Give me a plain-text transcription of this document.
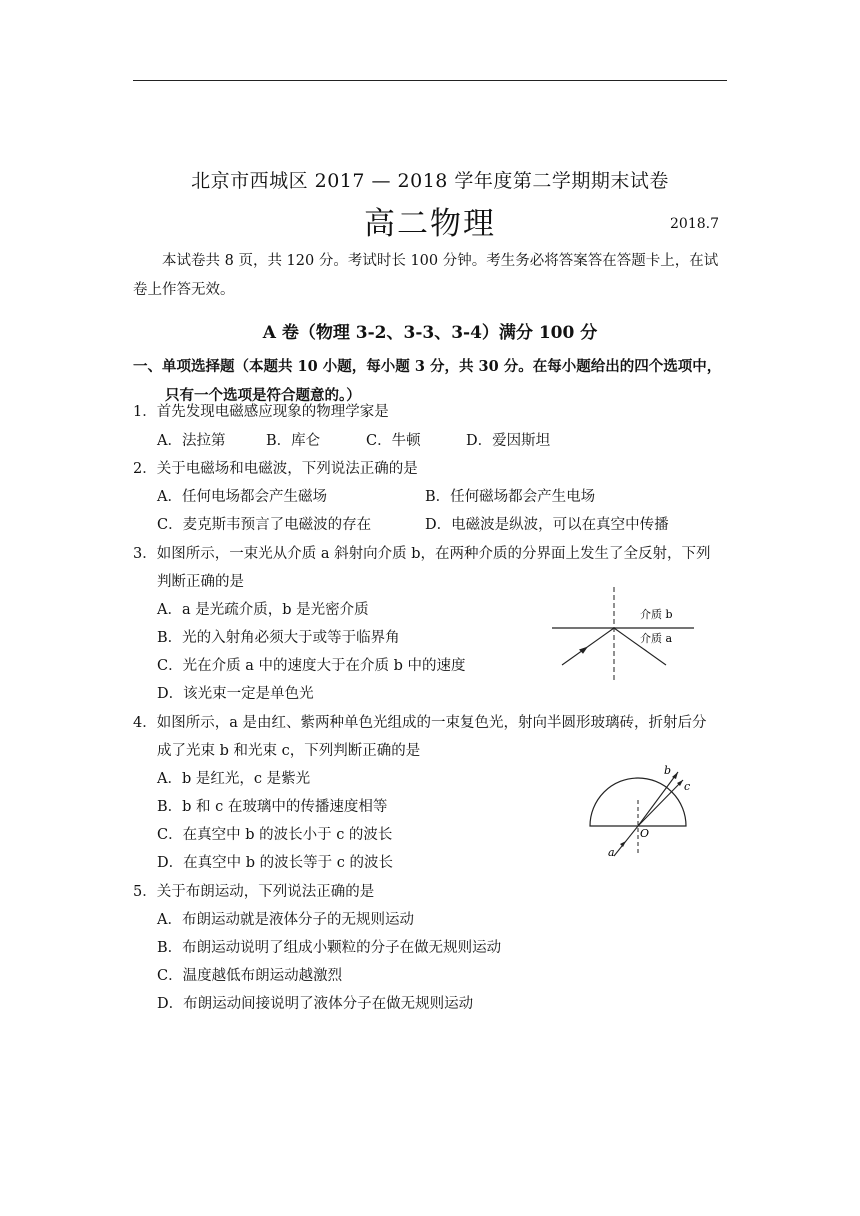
北京市西城区 2017 — 2018 学年度第二学期期末试卷
高二物理	2018.7
本试卷共 8 页，共 120 分。考试时长 100 分钟。考生务必将答案答在答题卡上，在试卷上作答无效。
A 卷（物理 3-2、3-3、3-4）满分 100 分
一、单项选择题（本题共 10 小题，每小题 3 分，共 30 分。在每小题给出的四个选项中，
只有一个选项是符合题意的。）
1．首先发现电磁感应现象的物理学家是
A．法拉第	B．库仑	C．牛顿	D．爱因斯坦
2．关于电磁场和电磁波，下列说法正确的是
A．任何电场都会产生磁场	B．任何磁场都会产生电场
C．麦克斯韦预言了电磁波的存在	D．电磁波是纵波，可以在真空中传播
3．如图所示，一束光从介质 a 斜射向介质 b，在两种介质的分界面上发生了全反射，下列
判断正确的是
A．a 是光疏介质，b 是光密介质
B．光的入射角必须大于或等于临界角
C．光在介质 a 中的速度大于在介质 b 中的速度
D．该光束一定是单色光
介质 b
介质 a
4．如图所示，a 是由红、紫两种单色光组成的一束复色光，射向半圆形玻璃砖，折射后分
成了光束 b 和光束 c，下列判断正确的是
A．b 是红光，c 是紫光
B．b 和 c 在玻璃中的传播速度相等
C．在真空中 b 的波长小于 c 的波长
D．在真空中 b 的波长等于 c 的波长
b
c
O
a
5．关于布朗运动，下列说法正确的是
A．布朗运动就是液体分子的无规则运动
B．布朗运动说明了组成小颗粒的分子在做无规则运动
C．温度越低布朗运动越激烈
D．布朗运动间接说明了液体分子在做无规则运动
